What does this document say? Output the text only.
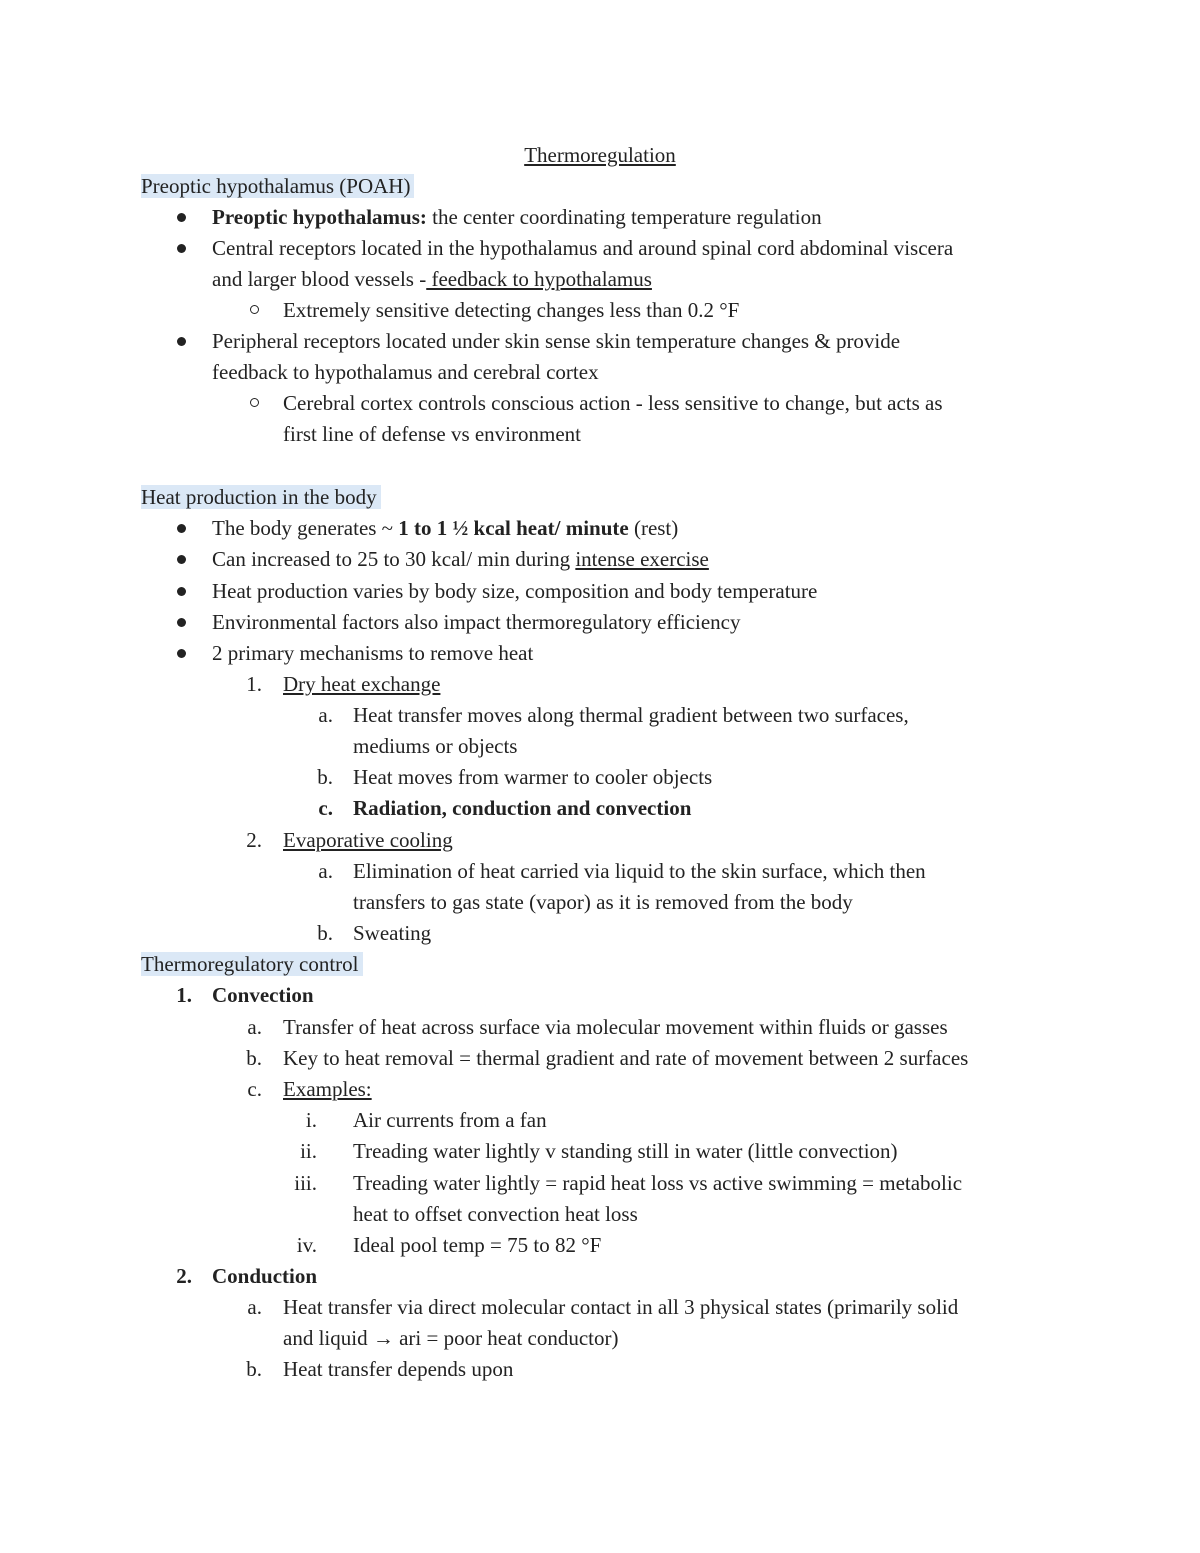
Thermoregulation
Preoptic hypothalamus (POAH)
Preoptic hypothalamus: the center coordinating temperature regulation
Central receptors located in the hypothalamus and around spinal cord abdominal viscera
and larger blood vessels - feedback to hypothalamus
Extremely sensitive detecting changes less than 0.2 °F
Peripheral receptors located under skin sense skin temperature changes & provide
feedback to hypothalamus and cerebral cortex
Cerebral cortex controls conscious action - less sensitive to change, but acts as
first line of defense vs environment
Heat production in the body
The body generates ~ 1 to 1 ½ kcal heat/ minute (rest)
Can increased to 25 to 30 kcal/ min during intense exercise
Heat production varies by body size, composition and body temperature
Environmental factors also impact thermoregulatory efficiency
2 primary mechanisms to remove heat
1. Dry heat exchange
a. Heat transfer moves along thermal gradient between two surfaces,
mediums or objects
b. Heat moves from warmer to cooler objects
c. Radiation, conduction and convection
2. Evaporative cooling
a. Elimination of heat carried via liquid to the skin surface, which then
transfers to gas state (vapor) as it is removed from the body
b. Sweating
Thermoregulatory control
1. Convection
a. Transfer of heat across surface via molecular movement within fluids or gasses
b. Key to heat removal = thermal gradient and rate of movement between 2 surfaces
c. Examples:
i. Air currents from a fan
ii. Treading water lightly v standing still in water (little convection)
iii. Treading water lightly = rapid heat loss vs active swimming = metabolic
heat to offset convection heat loss
iv. Ideal pool temp = 75 to 82 °F
2. Conduction
a. Heat transfer via direct molecular contact in all 3 physical states (primarily solid
and liquid → ari = poor heat conductor)
b. Heat transfer depends upon
